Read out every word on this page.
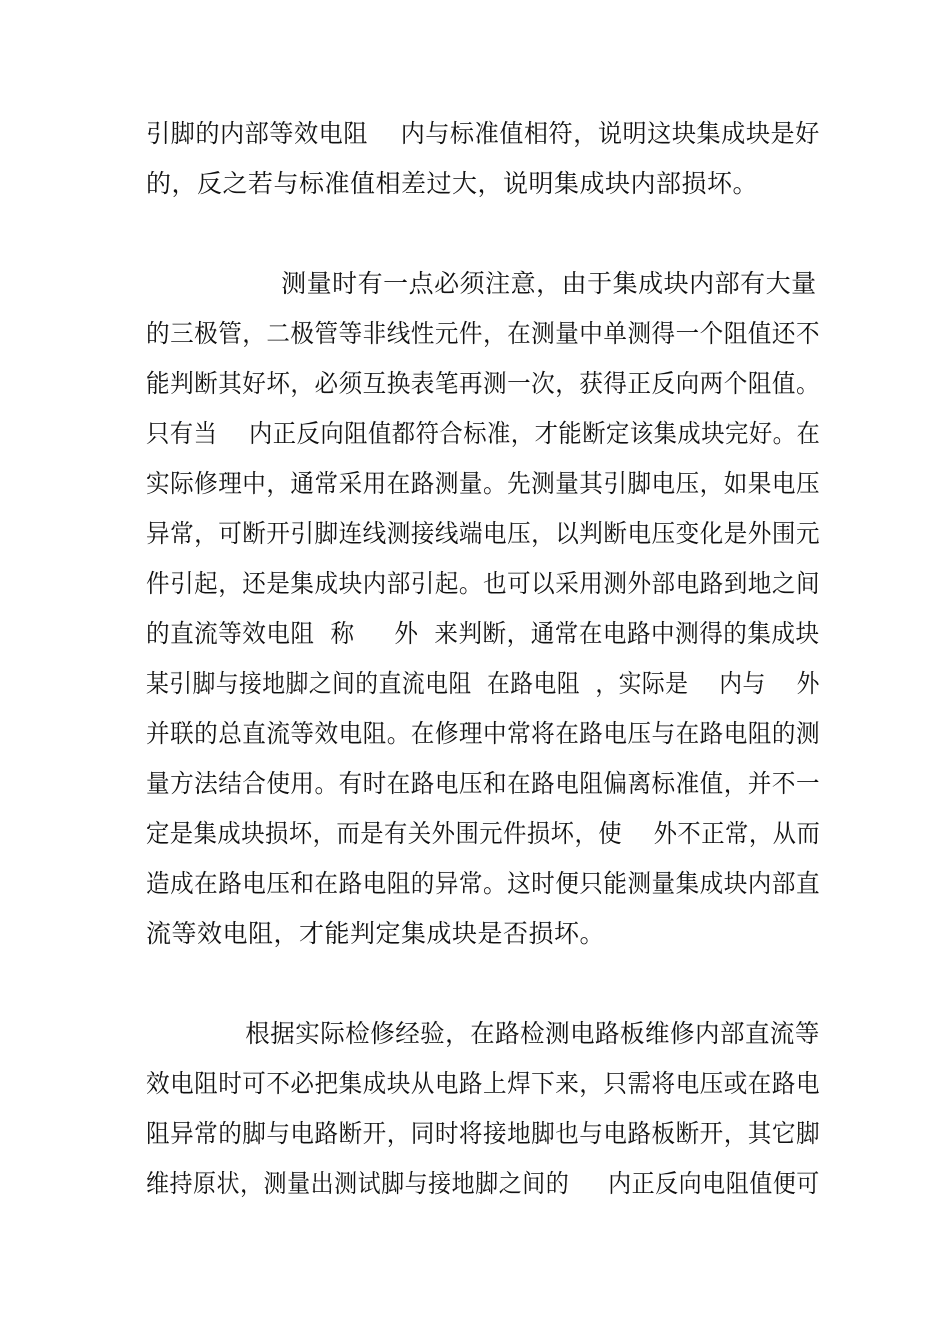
引脚的内部等效电阻    内与标准值相符，说明这块集成块是好
的，反之若与标准值相差过大，说明集成块内部损坏。
测量时有一点必须注意，由于集成块内部有大量
的三极管，二极管等非线性元件，在测量中单测得一个阻值还不
能判断其好坏，必须互换表笔再测一次，获得正反向两个阻值。
只有当    内正反向阻值都符合标准，才能断定该集成块完好。在
实际修理中，通常采用在路测量。先测量其引脚电压，如果电压
异常，可断开引脚连线测接线端电压，以判断电压变化是外围元
件引起，还是集成块内部引起。也可以采用测外部电路到地之间
的直流等效电阻  称     外  来判断，通常在电路中测得的集成块
某引脚与接地脚之间的直流电阻  在路电阻  ，实际是    内与    外
并联的总直流等效电阻。在修理中常将在路电压与在路电阻的测
量方法结合使用。有时在路电压和在路电阻偏离标准值，并不一
定是集成块损坏，而是有关外围元件损坏，使    外不正常，从而
造成在路电压和在路电阻的异常。这时便只能测量集成块内部直
流等效电阻，才能判定集成块是否损坏。
根据实际检修经验，在路检测电路板维修内部直流等
效电阻时可不必把集成块从电路上焊下来，只需将电压或在路电
阻异常的脚与电路断开，同时将接地脚也与电路板断开，其它脚
维持原状，测量出测试脚与接地脚之间的     内正反向电阻值便可
